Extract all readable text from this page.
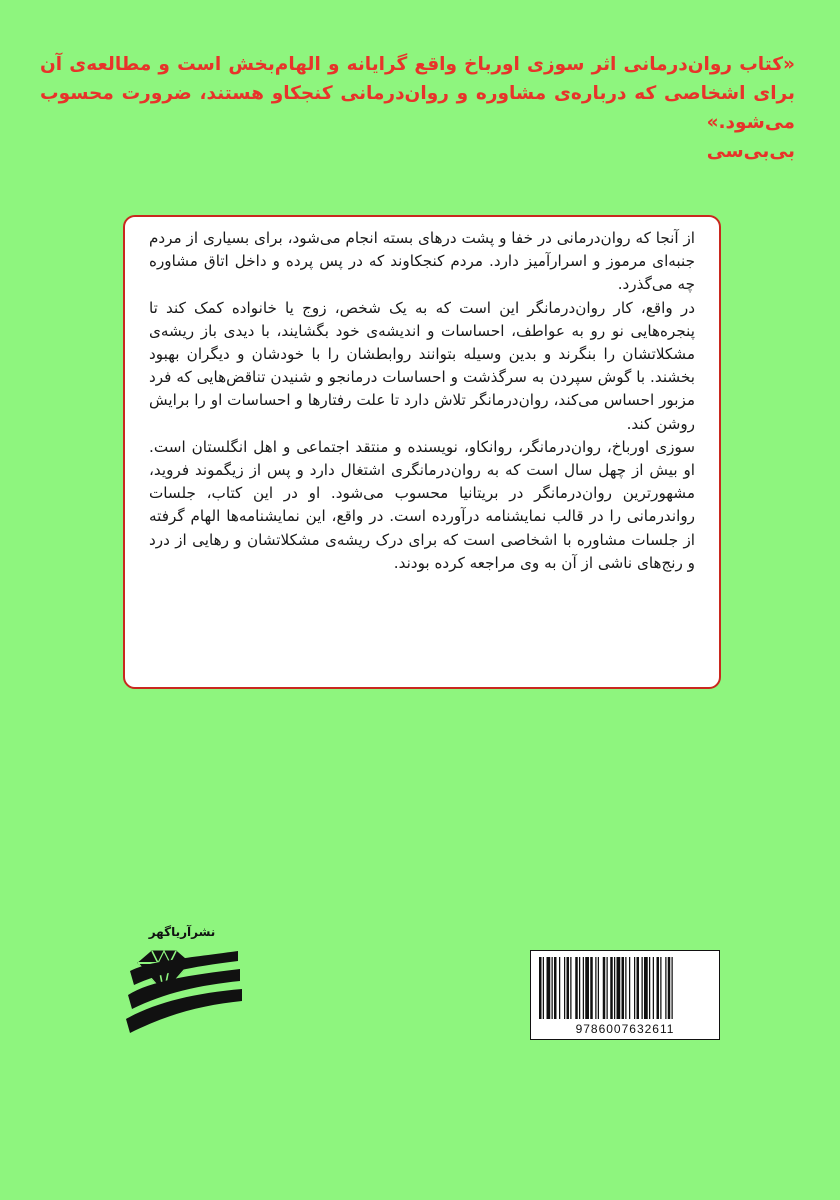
«کتاب روان‌درمانی اثر سوزی اورباخ واقع گرایانه و الهام‌بخش است و مطالعه‌ی آن برای اشخاصی که درباره‌ی مشاوره و روان‌درمانی کنجکاو هستند، ضرورت محسوب می‌شود.»

بی‌بی‌سی

از آنجا که روان‌درمانی در خفا و پشت درهای بسته انجام می‌شود، برای بسیاری از مردم جنبه‌ای مرموز و اسرارآمیز دارد. مردم کنجکاوند که در پس پرده و داخل اتاق مشاوره چه می‌گذرد.

در واقع، کار روان‌درمانگر این است که به یک شخص، زوج یا خانواده کمک کند تا پنجره‌هایی نو رو به عواطف، احساسات و اندیشه‌ی خود بگشایند، با دیدی باز ریشه‌ی مشکلاتشان را بنگرند و بدین وسیله بتوانند روابطشان را با خودشان و دیگران بهبود بخشند. با گوش سپردن به سرگذشت و احساسات درمانجو و شنیدن تناقض‌هایی که فرد مزبور احساس می‌کند، روان‌درمانگر تلاش دارد تا علت رفتارها و احساسات او را برایش روشن کند.

سوزی اورباخ، روان‌درمانگر، روانکاو، نویسنده و منتقد اجتماعی و اهل انگلستان است. او بیش از چهل سال است که به روان‌درمانگری اشتغال دارد و پس از زیگموند فروید، مشهورترین روان‌درمانگر در بریتانیا محسوب می‌شود. او در این کتاب، جلسات رواندرمانی را در قالب نمایشنامه درآورده است. در واقع، این نمایشنامه‌ها الهام گرفته از جلسات مشاوره با اشخاصی است که برای درک ریشه‌ی مشکلاتشان و رهایی از درد و رنج‌های ناشی از آن به وی مراجعه کرده بودند.

نشرآریاگهر
9786007632611
